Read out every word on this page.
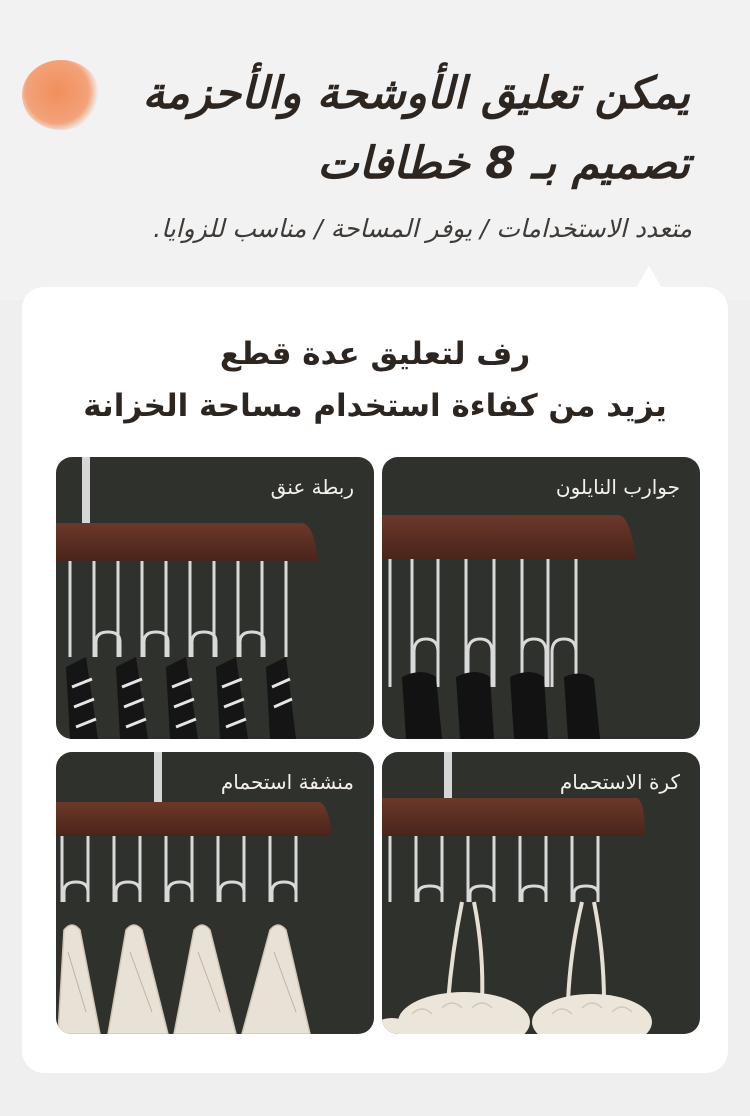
يمكن تعليق الأوشحة والأحزمة
تصميم بـ 8 خطافات

متعدد الاستخدامات / يوفر المساحة / مناسب للزوايا.

رف لتعليق عدة قطع
يزيد من كفاءة استخدام مساحة الخزانة

ربطة عنق	جوارب النايلون

منشفة استحمام	كرة الاستحمام
